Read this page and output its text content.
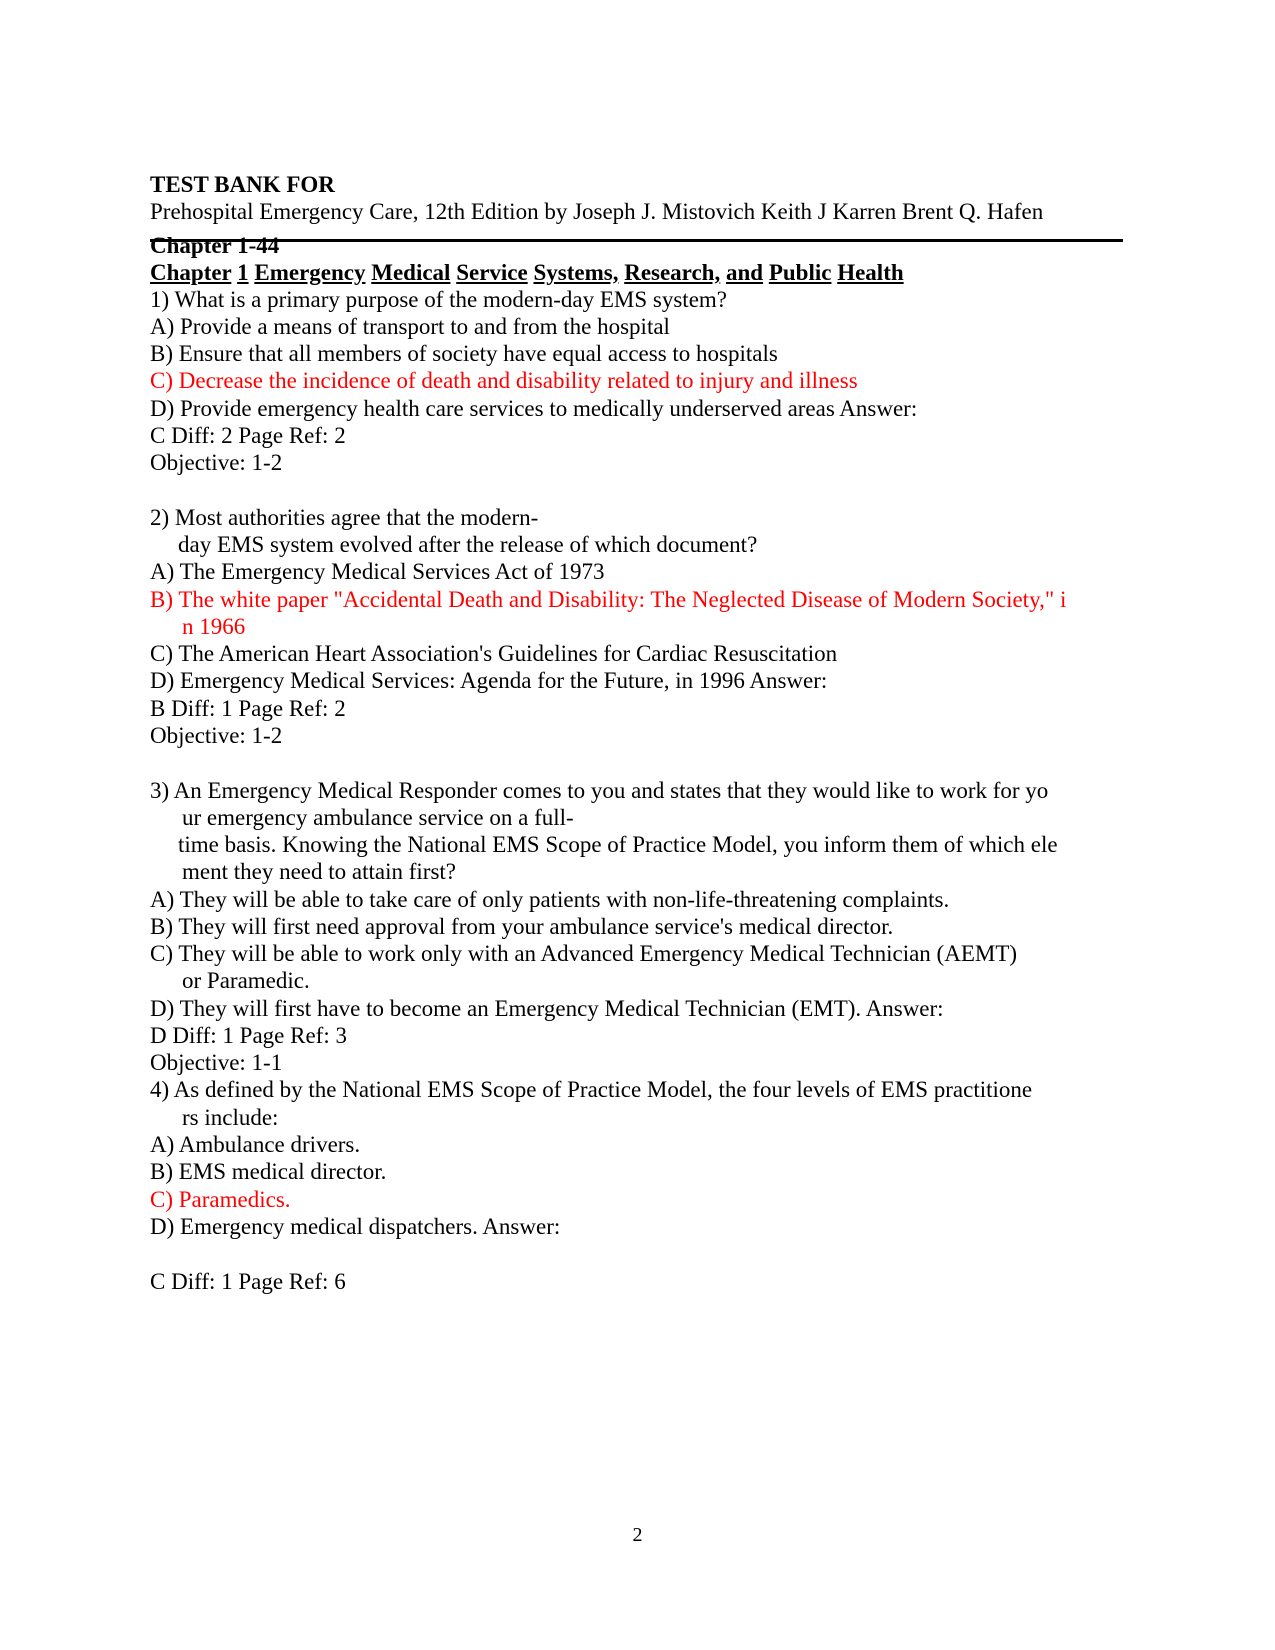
TEST BANK FOR
Prehospital Emergency Care, 12th Edition by Joseph J. Mistovich Keith J Karren Brent Q. Hafen
Chapter 1-44
Chapter 1 Emergency Medical Service Systems, Research, and Public Health
1) What is a primary purpose of the modern-day EMS system?
A) Provide a means of transport to and from the hospital
B) Ensure that all members of society have equal access to hospitals
C) Decrease the incidence of death and disability related to injury and illness
D) Provide emergency health care services to medically underserved areas Answer:
C Diff: 2 Page Ref: 2
Objective: 1-2
2) Most authorities agree that the modern-
day EMS system evolved after the release of which document?
A) The Emergency Medical Services Act of 1973
B) The white paper "Accidental Death and Disability: The Neglected Disease of Modern Society," i
n 1966
C) The American Heart Association's Guidelines for Cardiac Resuscitation
D) Emergency Medical Services: Agenda for the Future, in 1996 Answer:
B Diff: 1 Page Ref: 2
Objective: 1-2
3) An Emergency Medical Responder comes to you and states that they would like to work for yo
ur emergency ambulance service on a full-
time basis. Knowing the National EMS Scope of Practice Model, you inform them of which ele
ment they need to attain first?
A) They will be able to take care of only patients with non-life-threatening complaints.
B) They will first need approval from your ambulance service's medical director.
C) They will be able to work only with an Advanced Emergency Medical Technician (AEMT)
or Paramedic.
D) They will first have to become an Emergency Medical Technician (EMT). Answer:
D Diff: 1 Page Ref: 3
Objective: 1-1
4) As defined by the National EMS Scope of Practice Model, the four levels of EMS practitione
rs include:
A) Ambulance drivers.
B) EMS medical director.
C) Paramedics.
D) Emergency medical dispatchers. Answer:
C Diff: 1 Page Ref: 6
2
